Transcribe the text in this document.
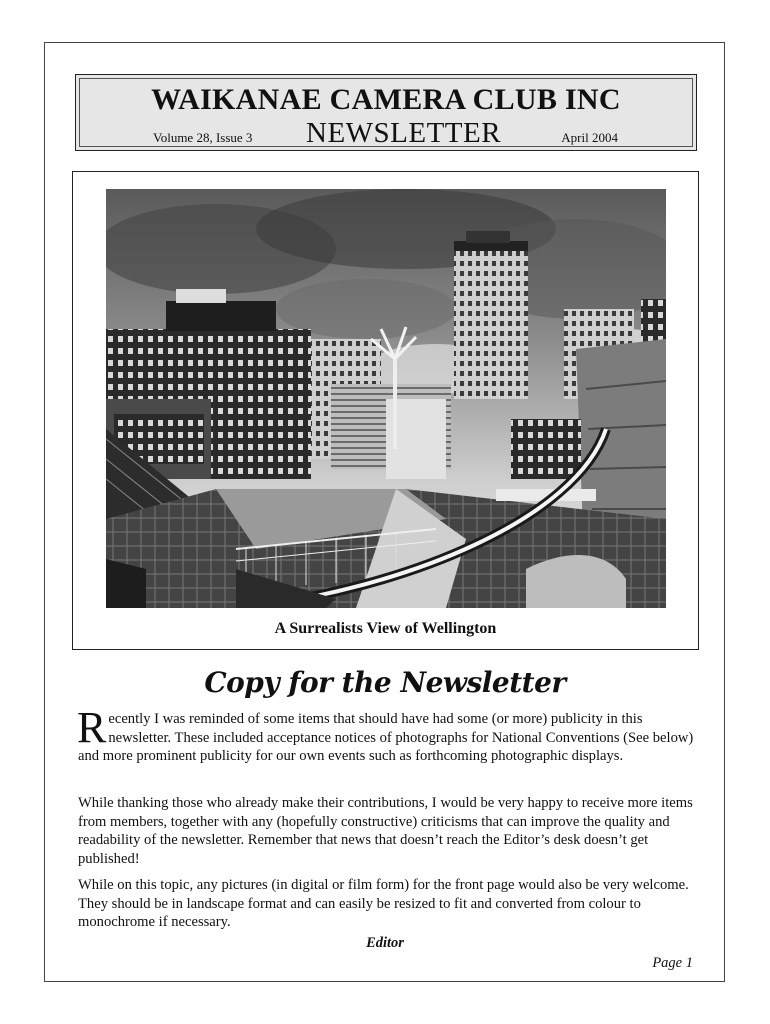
WAIKANAE CAMERA CLUB INC
Volume 28, Issue 3 NEWSLETTER	April 2004
A Surrealists View of Wellington
Copy for the Newsletter
Recently I was reminded of some items that should have had some (or more) publicity in this newsletter. These included acceptance notices of photographs for National Conventions (See below) and more prominent publicity for our own events such as forthcoming photographic displays.
While thanking those who already make their contributions, I would be very happy to receive more items from members, together with any (hopefully constructive) criticisms that can improve the quality and readability of the newsletter. Remember that news that doesn’t reach the Editor’s desk doesn’t get published!
While on this topic, any pictures (in digital or film form) for the front page would also be very welcome. They should be in landscape format and can easily be resized to fit and converted from colour to monochrome if necessary.
Editor
Page 1
